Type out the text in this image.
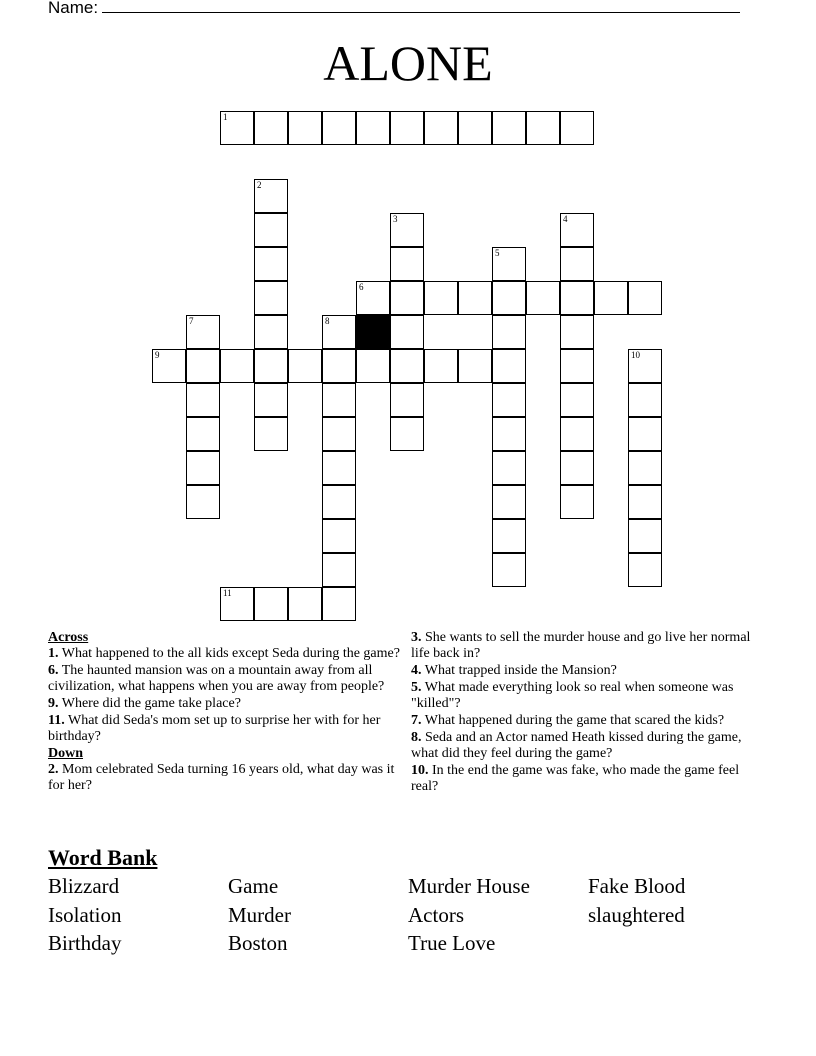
Name:
ALONE
1
2
3	4
5
6
7	8
9	10
11

Across

1. What happened to the all kids except Seda during the game?

6. The haunted mansion was on a mountain away from all civilization, what happens when you are away from people?

9. Where did the game take place?

11. What did Seda's mom set up to surprise her with for her birthday?

Down

2. Mom celebrated Seda turning 16 years old, what day was it for her?

3. She wants to sell the murder house and go live her normal life back in?

4. What trapped inside the Mansion?

5. What made everything look so real when someone was "killed"?

7. What happened during the game that scared the kids?

8. Seda and an Actor named Heath kissed during the game, what did they feel during the game?

10. In the end the game was fake, who made the game feel real?

Word Bank
Blizzard	Game	Murder House	Fake Blood
Isolation	Murder	Actors	slaughtered
Birthday	Boston	True Love
